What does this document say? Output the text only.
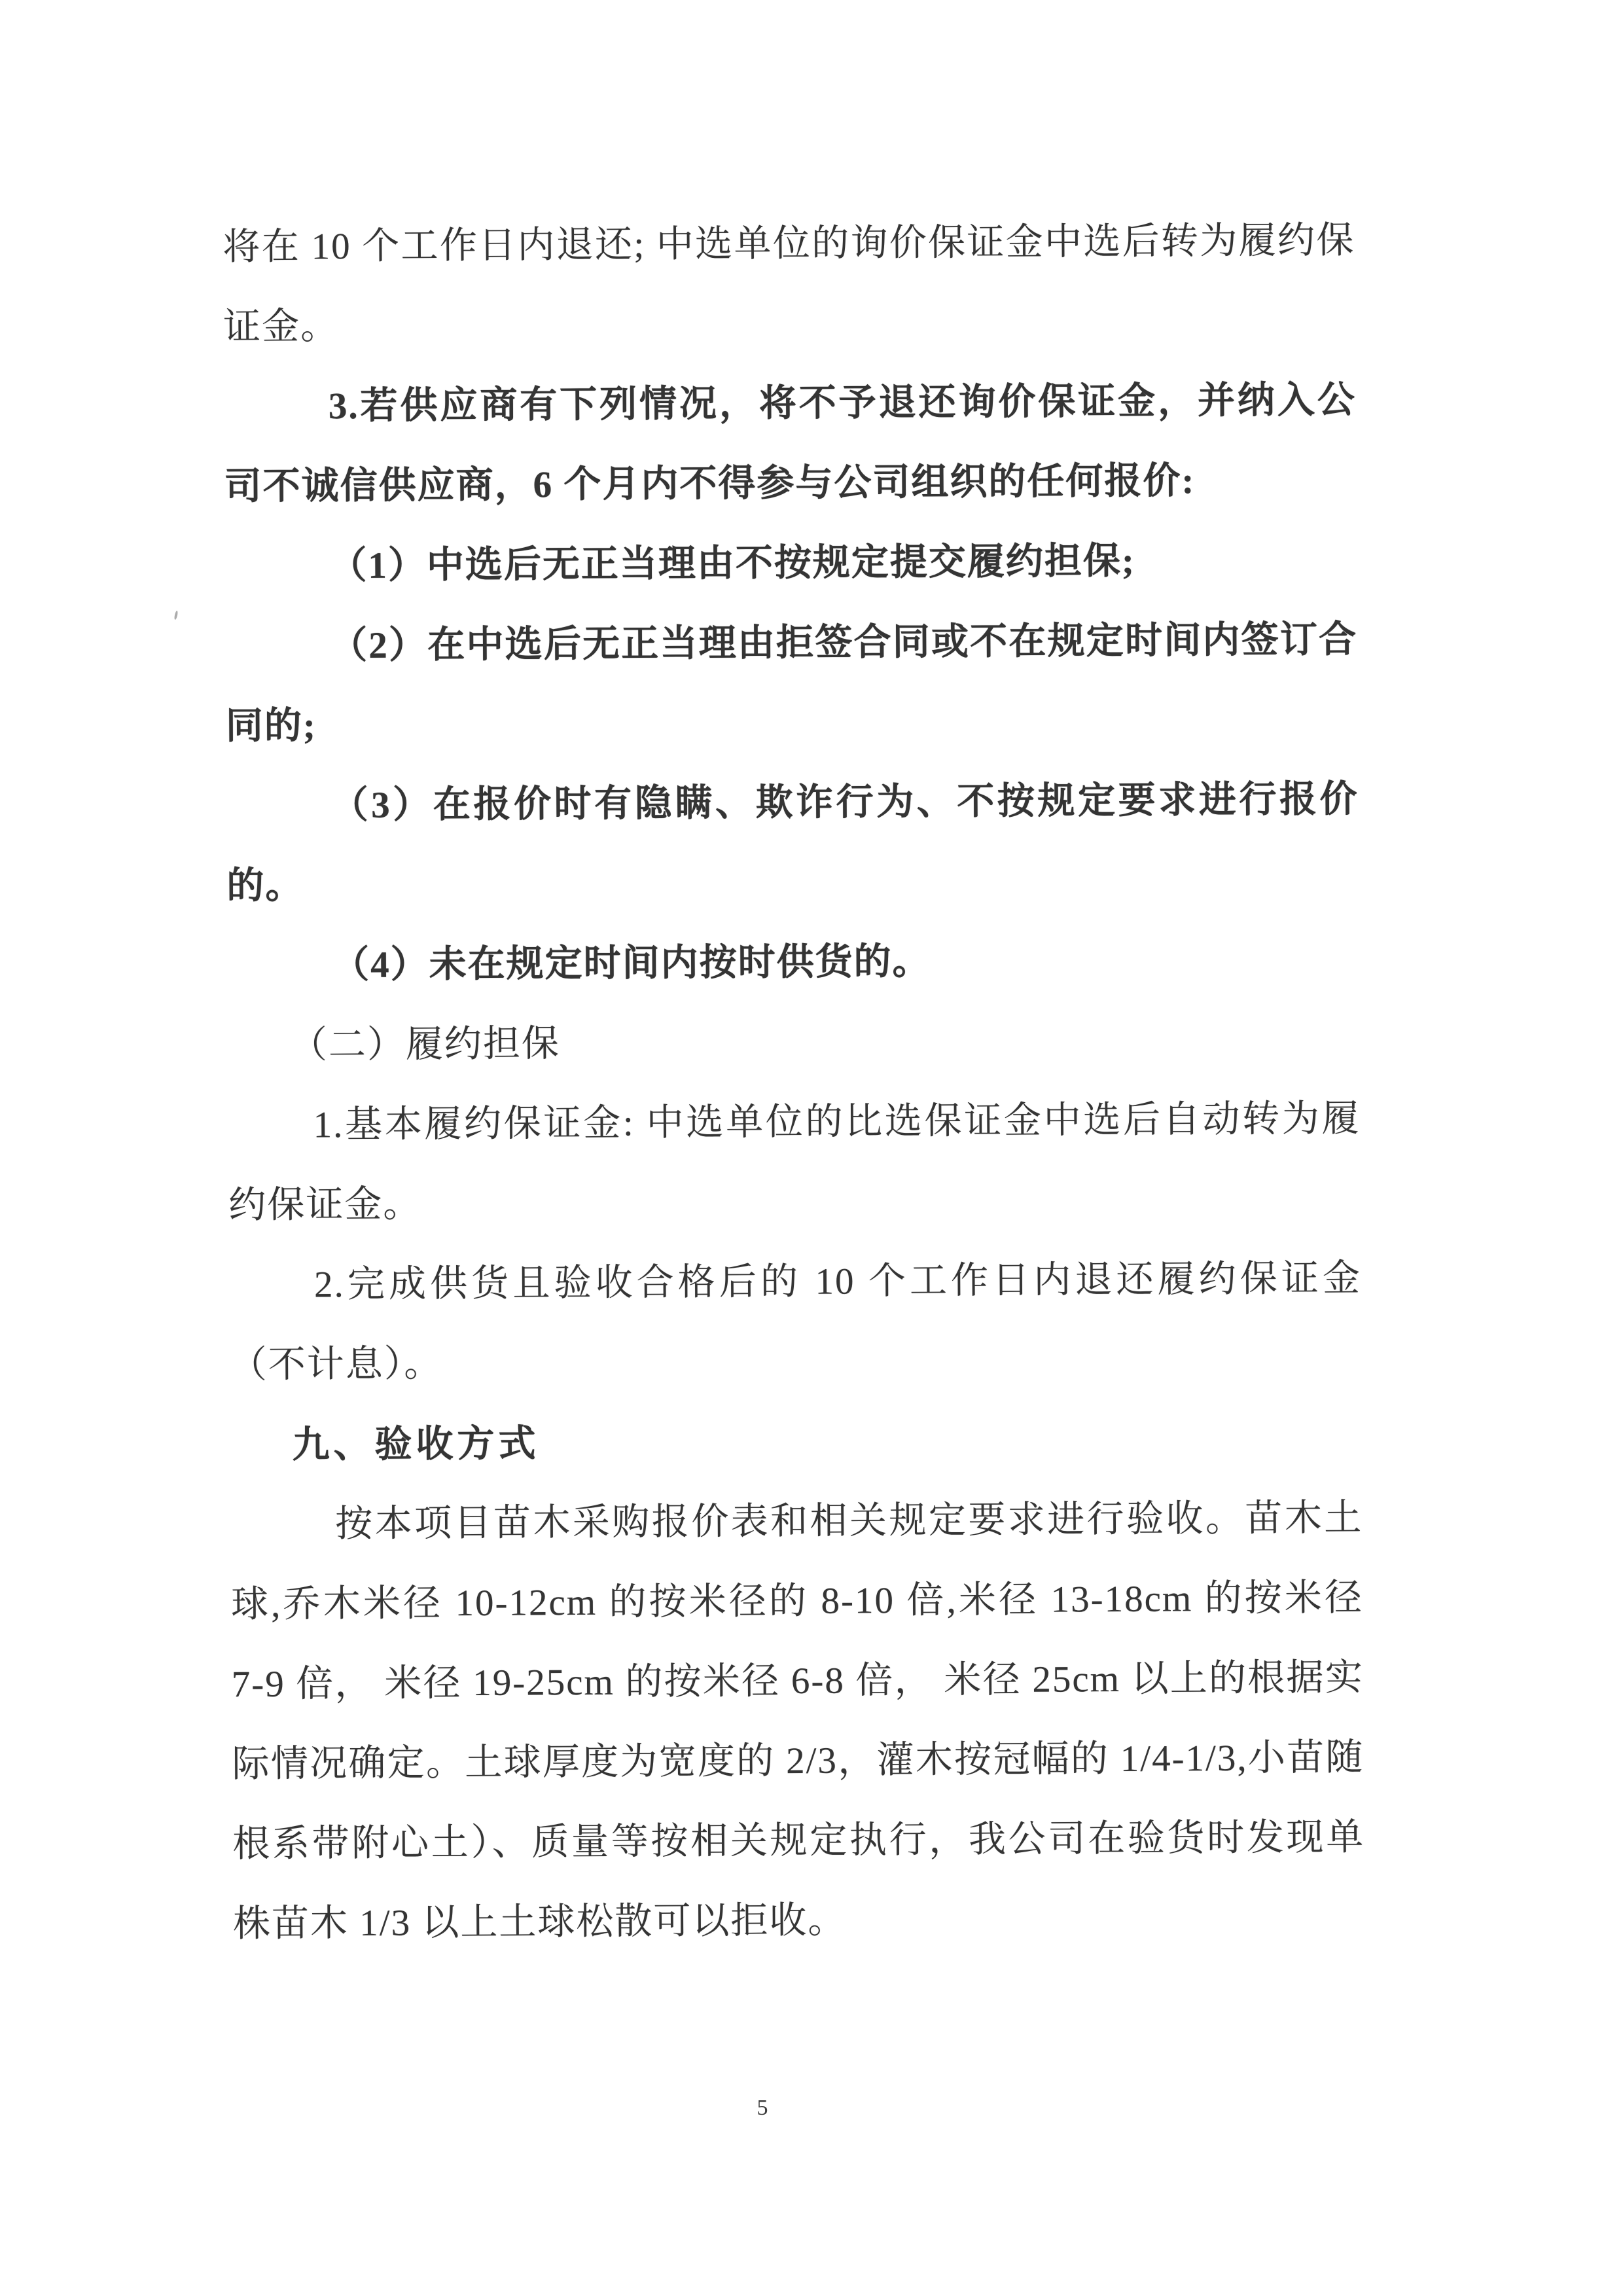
将在 10 个工作日内退还; 中选单位的询价保证金中选后转为履约保证金。

3.若供应商有下列情况，将不予退还询价保证金，并纳入公司不诚信供应商，6 个月内不得参与公司组织的任何报价:

（1）中选后无正当理由不按规定提交履约担保;

（2）在中选后无正当理由拒签合同或不在规定时间内签订合同的;

（3）在报价时有隐瞒、欺诈行为、不按规定要求进行报价的。

（4）未在规定时间内按时供货的。

（二）履约担保

1.基本履约保证金: 中选单位的比选保证金中选后自动转为履约保证金。

2.完成供货且验收合格后的 10 个工作日内退还履约保证金（不计息）。

九、验收方式

按本项目苗木采购报价表和相关规定要求进行验收。苗木土球,乔木米径 10-12cm 的按米径的 8-10 倍,米径 13-18cm 的按米径 7-9 倍， 米径 19-25cm 的按米径 6-8 倍， 米径 25cm 以上的根据实际情况确定。土球厚度为宽度的 2/3，灌木按冠幅的 1/4-1/3,小苗随根系带附心土）、质量等按相关规定执行，我公司在验货时发现单株苗木 1/3 以上土球松散可以拒收。

5
